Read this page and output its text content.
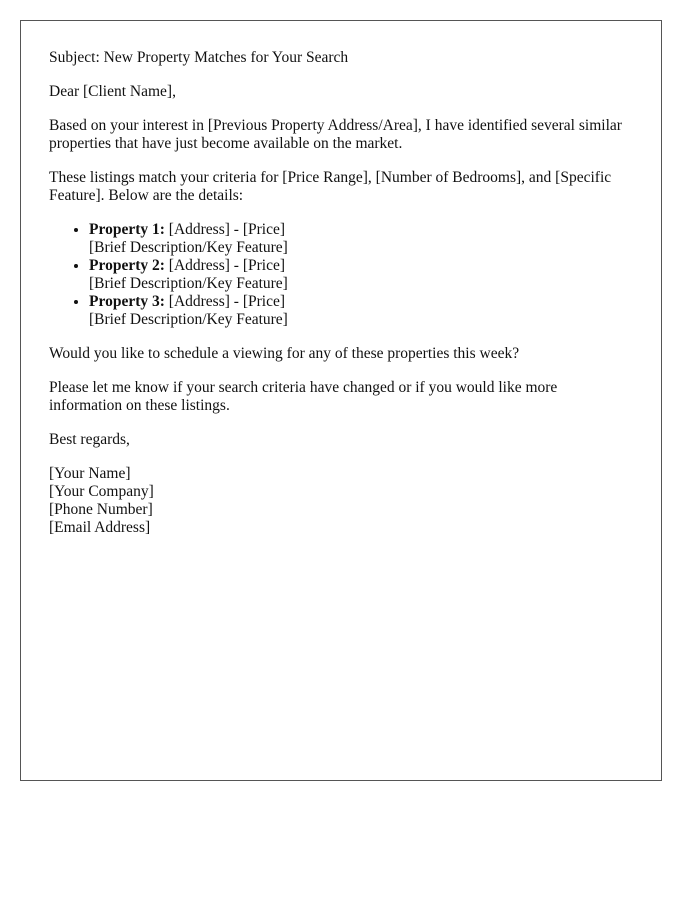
Subject: New Property Matches for Your Search

Dear [Client Name],

Based on your interest in [Previous Property Address/Area], I have identified several similar properties that have just become available on the market.

These listings match your criteria for [Price Range], [Number of Bedrooms], and [Specific Feature]. Below are the details:

• Property 1: [Address] - [Price]
[Brief Description/Key Feature]
• Property 2: [Address] - [Price]
[Brief Description/Key Feature]
• Property 3: [Address] - [Price]
[Brief Description/Key Feature]

Would you like to schedule a viewing for any of these properties this week?

Please let me know if your search criteria have changed or if you would like more information on these listings.

Best regards,

[Your Name]
[Your Company]
[Phone Number]
[Email Address]
